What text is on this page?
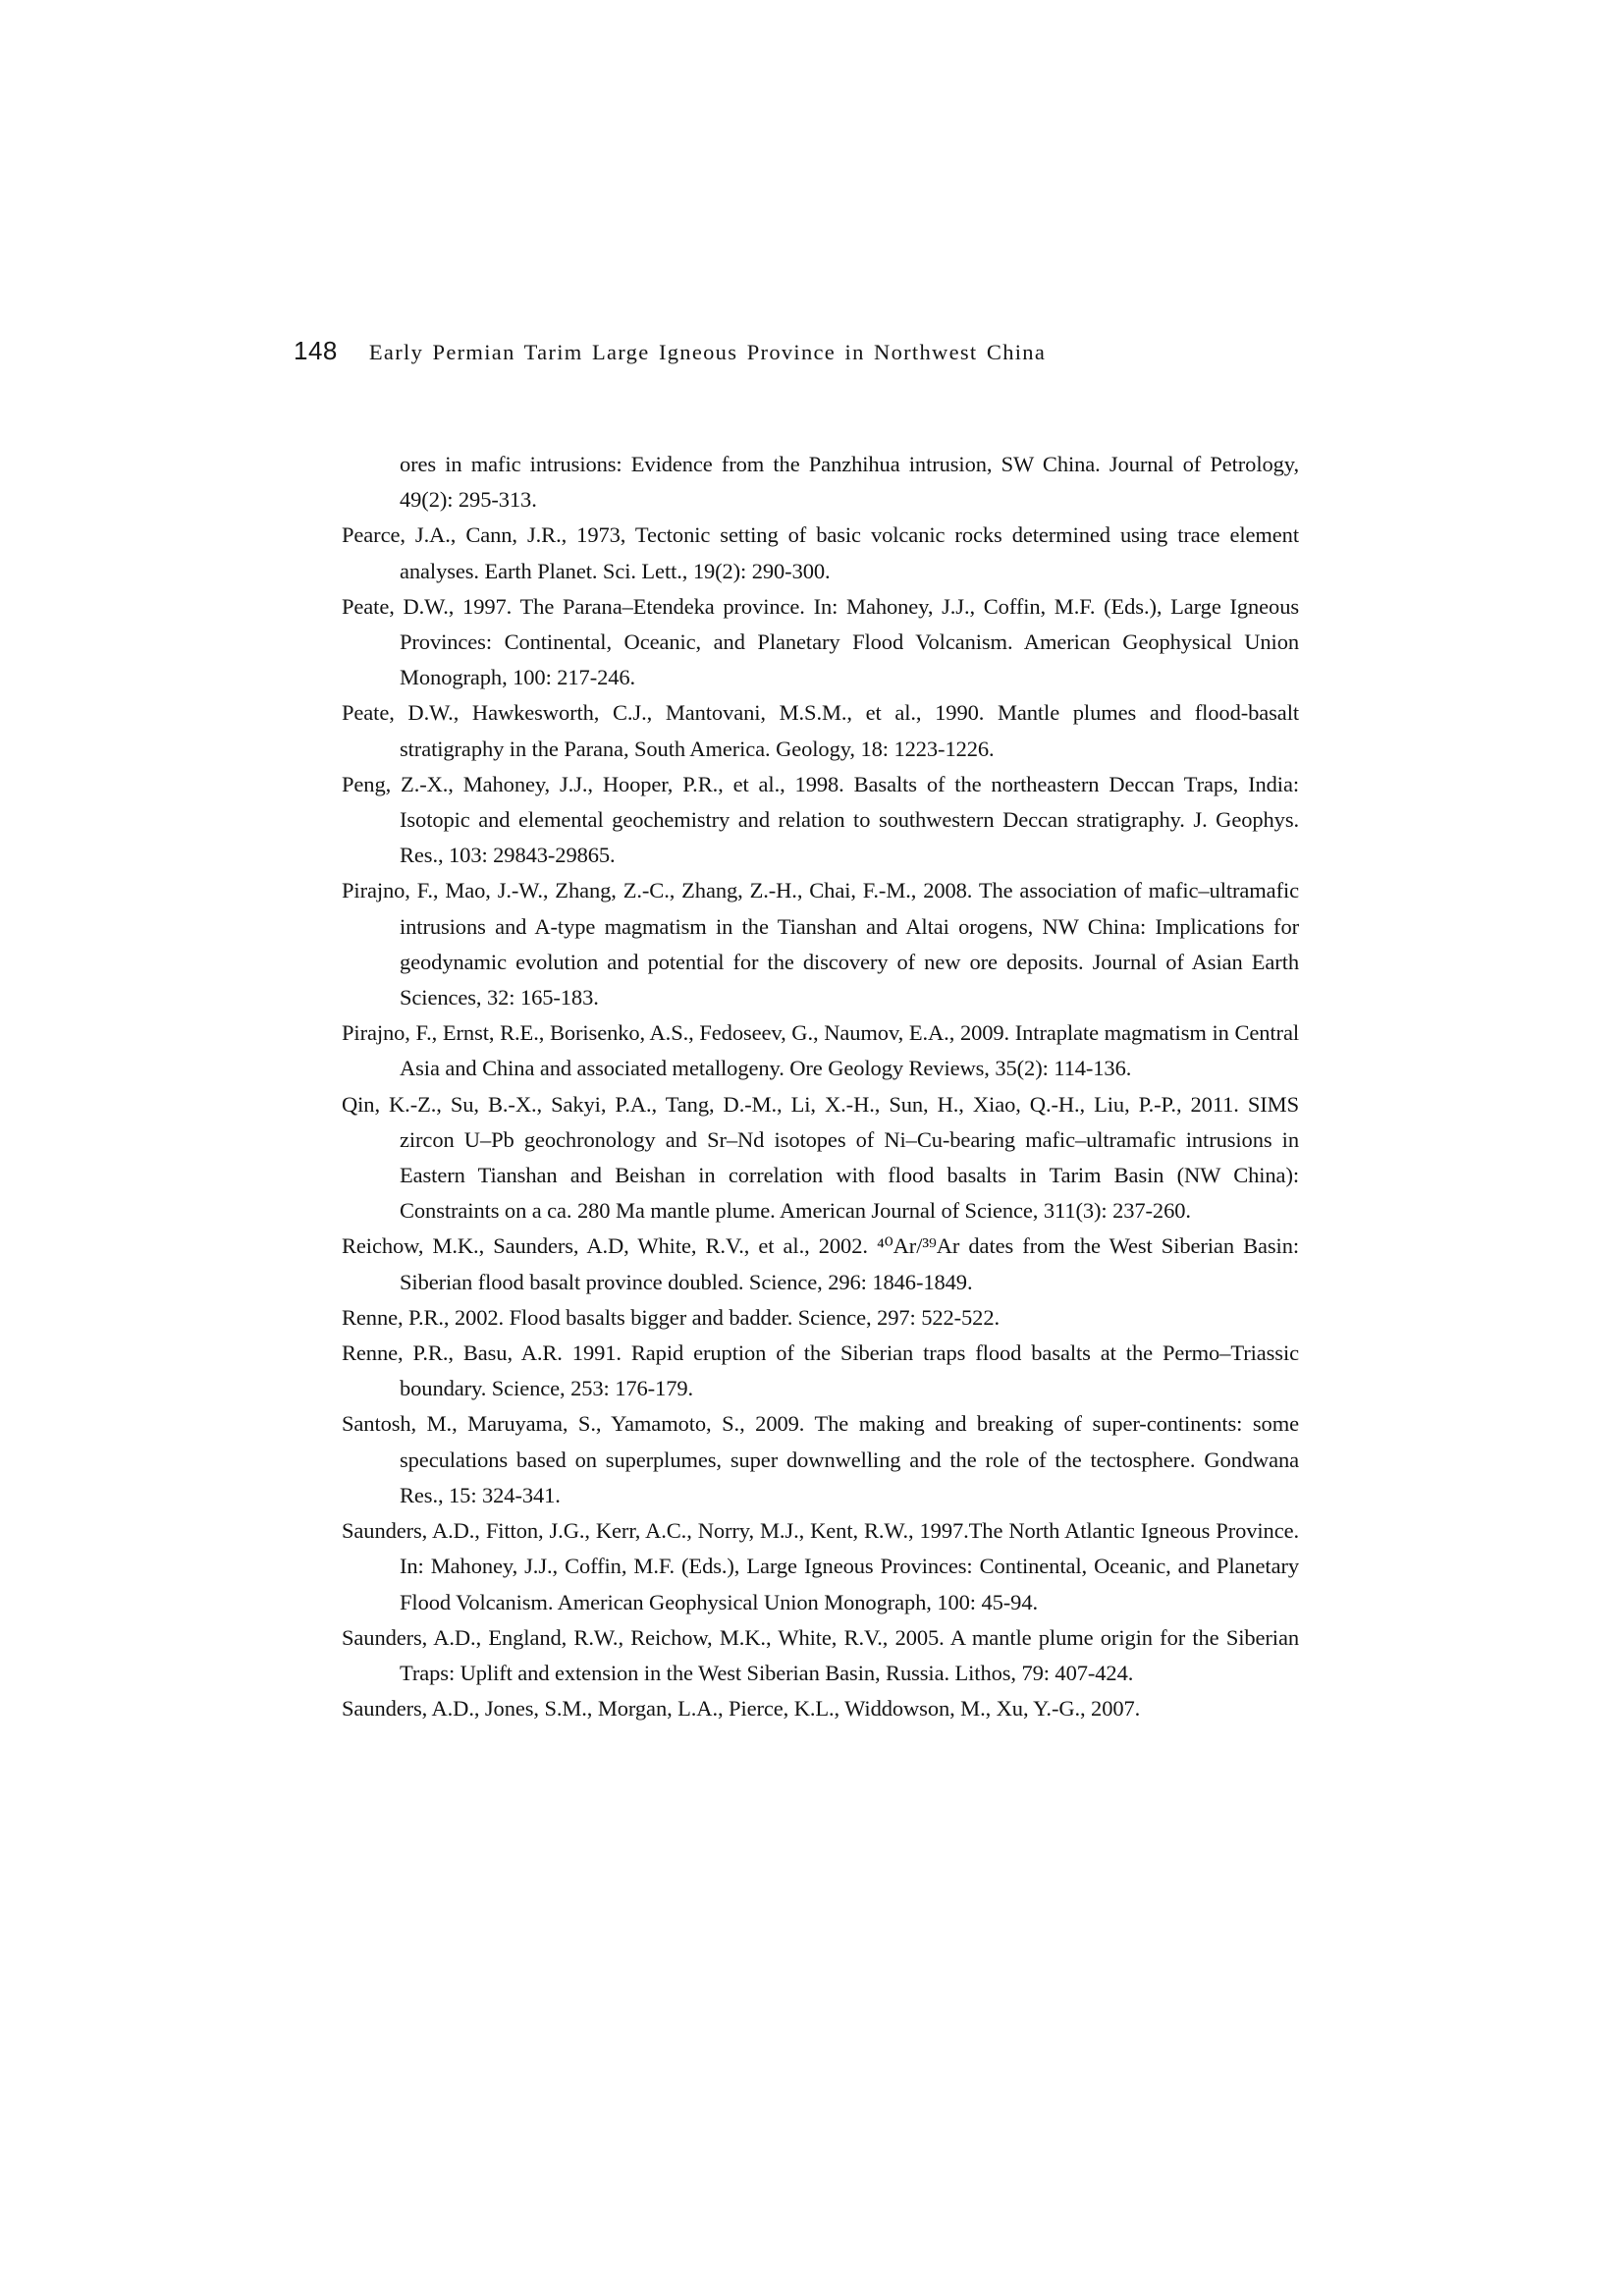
148 Early Permian Tarim Large Igneous Province in Northwest China

ores in mafic intrusions: Evidence from the Panzhihua intrusion, SW China. Journal of Petrology, 49(2): 295-313.

Pearce, J.A., Cann, J.R., 1973, Tectonic setting of basic volcanic rocks determined using trace element analyses. Earth Planet. Sci. Lett., 19(2): 290-300.

Peate, D.W., 1997. The Parana–Etendeka province. In: Mahoney, J.J., Coffin, M.F. (Eds.), Large Igneous Provinces: Continental, Oceanic, and Planetary Flood Volcanism. American Geophysical Union Monograph, 100: 217-246.

Peate, D.W., Hawkesworth, C.J., Mantovani, M.S.M., et al., 1990. Mantle plumes and flood-basalt stratigraphy in the Parana, South America. Geology, 18: 1223-1226.

Peng, Z.-X., Mahoney, J.J., Hooper, P.R., et al., 1998. Basalts of the northeastern Deccan Traps, India: Isotopic and elemental geochemistry and relation to southwestern Deccan stratigraphy. J. Geophys. Res., 103: 29843-29865.

Pirajno, F., Mao, J.-W., Zhang, Z.-C., Zhang, Z.-H., Chai, F.-M., 2008. The association of mafic–ultramafic intrusions and A-type magmatism in the Tianshan and Altai orogens, NW China: Implications for geodynamic evolution and potential for the discovery of new ore deposits. Journal of Asian Earth Sciences, 32: 165-183.

Pirajno, F., Ernst, R.E., Borisenko, A.S., Fedoseev, G., Naumov, E.A., 2009. Intraplate magmatism in Central Asia and China and associated metallogeny. Ore Geology Reviews, 35(2): 114-136.

Qin, K.-Z., Su, B.-X., Sakyi, P.A., Tang, D.-M., Li, X.-H., Sun, H., Xiao, Q.-H., Liu, P.-P., 2011. SIMS zircon U–Pb geochronology and Sr–Nd isotopes of Ni–Cu-bearing mafic–ultramafic intrusions in Eastern Tianshan and Beishan in correlation with flood basalts in Tarim Basin (NW China): Constraints on a ca. 280 Ma mantle plume. American Journal of Science, 311(3): 237-260.

Reichow, M.K., Saunders, A.D, White, R.V., et al., 2002. ⁴⁰Ar/³⁹Ar dates from the West Siberian Basin: Siberian flood basalt province doubled. Science, 296: 1846-1849.

Renne, P.R., 2002. Flood basalts bigger and badder. Science, 297: 522-522.

Renne, P.R., Basu, A.R. 1991. Rapid eruption of the Siberian traps flood basalts at the Permo–Triassic boundary. Science, 253: 176-179.

Santosh, M., Maruyama, S., Yamamoto, S., 2009. The making and breaking of super-continents: some speculations based on superplumes, super downwelling and the role of the tectosphere. Gondwana Res., 15: 324-341.

Saunders, A.D., Fitton, J.G., Kerr, A.C., Norry, M.J., Kent, R.W., 1997.The North Atlantic Igneous Province. In: Mahoney, J.J., Coffin, M.F. (Eds.), Large Igneous Provinces: Continental, Oceanic, and Planetary Flood Volcanism. American Geophysical Union Monograph, 100: 45-94.

Saunders, A.D., England, R.W., Reichow, M.K., White, R.V., 2005. A mantle plume origin for the Siberian Traps: Uplift and extension in the West Siberian Basin, Russia. Lithos, 79: 407-424.

Saunders, A.D., Jones, S.M., Morgan, L.A., Pierce, K.L., Widdowson, M., Xu, Y.-G., 2007.
